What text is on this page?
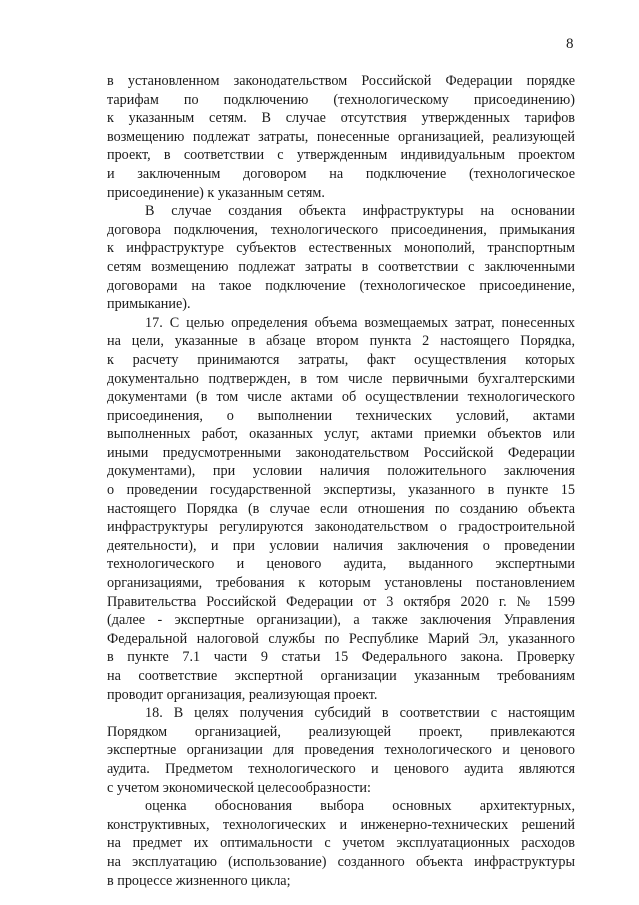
8
в установленном законодательством Российской Федерации порядке
тарифам по подключению (технологическому присоединению)
к указанным сетям. В случае отсутствия утвержденных тарифов
возмещению подлежат затраты, понесенные организацией, реализующей
проект, в соответствии с утвержденным индивидуальным проектом
и заключенным договором на подключение (технологическое
присоединение) к указанным сетям.
В случае создания объекта инфраструктуры на основании
договора подключения, технологического присоединения, примыкания
к инфраструктуре субъектов естественных монополий, транспортным
сетям возмещению подлежат затраты в соответствии с заключенными
договорами на такое подключение (технологическое присоединение,
примыкание).
17. С целью определения объема возмещаемых затрат, понесенных
на цели, указанные в абзаце втором пункта 2 настоящего Порядка,
к расчету принимаются затраты, факт осуществления которых
документально подтвержден, в том числе первичными бухгалтерскими
документами (в том числе актами об осуществлении технологического
присоединения, о выполнении технических условий, актами
выполненных работ, оказанных услуг, актами приемки объектов или
иными предусмотренными законодательством Российской Федерации
документами), при условии наличия положительного заключения
о проведении государственной экспертизы, указанного в пункте 15
настоящего Порядка (в случае если отношения по созданию объекта
инфраструктуры регулируются законодательством о градостроительной
деятельности), и при условии наличия заключения о проведении
технологического и ценового аудита, выданного экспертными
организациями, требования к которым установлены постановлением
Правительства Российской Федерации от 3 октября 2020 г. № 1599
(далее - экспертные организации), а также заключения Управления
Федеральной налоговой службы по Республике Марий Эл, указанного
в пункте 7.1 части 9 статьи 15 Федерального закона. Проверку
на соответствие экспертной организации указанным требованиям
проводит организация, реализующая проект.
18. В целях получения субсидий в соответствии с настоящим
Порядком организацией, реализующей проект, привлекаются
экспертные организации для проведения технологического и ценового
аудита. Предметом технологического и ценового аудита являются
с учетом экономической целесообразности:
оценка обоснования выбора основных архитектурных,
конструктивных, технологических и инженерно-технических решений
на предмет их оптимальности с учетом эксплуатационных расходов
на эксплуатацию (использование) созданного объекта инфраструктуры
в процессе жизненного цикла;
